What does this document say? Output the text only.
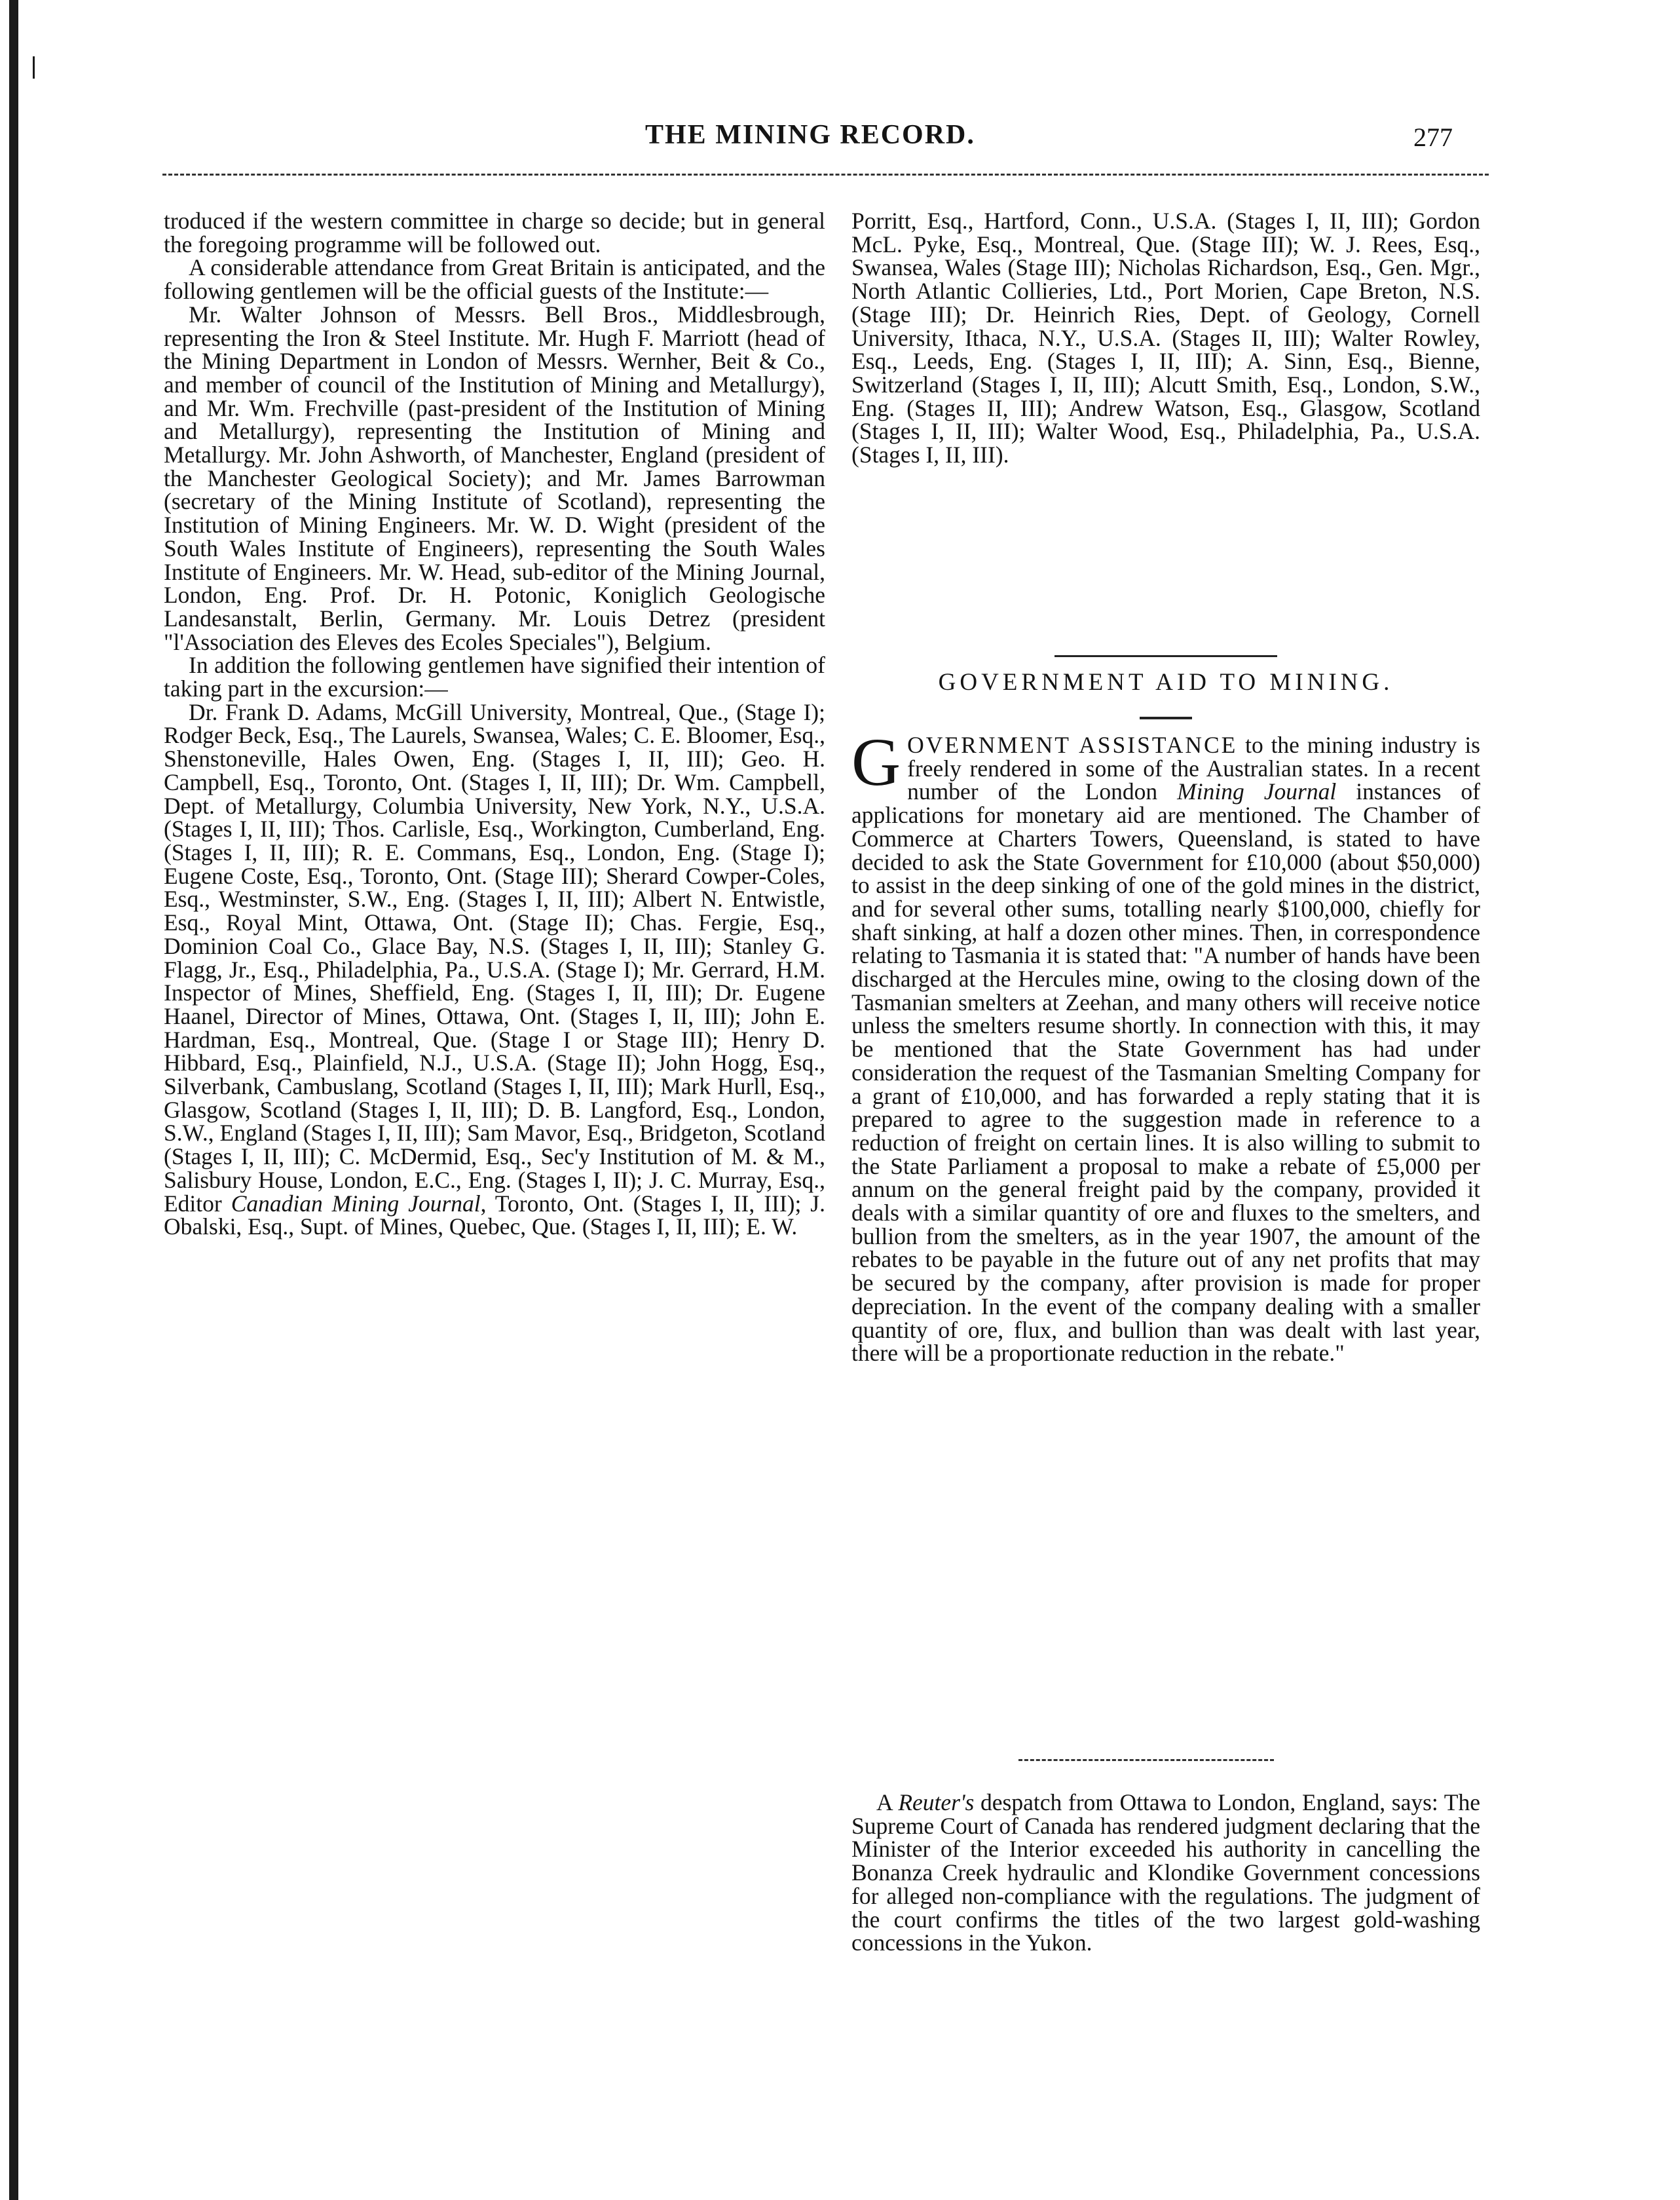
THE MINING RECORD.	277

troduced if the western committee in charge so decide; but in general the foregoing programme will be followed out.

A considerable attendance from Great Britain is anticipated, and the following gentlemen will be the official guests of the Institute:—

Mr. Walter Johnson of Messrs. Bell Bros., Middlesbrough, representing the Iron & Steel Institute. Mr. Hugh F. Marriott (head of the Mining Department in London of Messrs. Wernher, Beit & Co., and member of council of the Institution of Mining and Metallurgy), and Mr. Wm. Frechville (past-president of the Institution of Mining and Metallurgy), representing the Institution of Mining and Metallurgy. Mr. John Ashworth, of Manchester, England (president of the Manchester Geological Society); and Mr. James Barrowman (secretary of the Mining Institute of Scotland), representing the Institution of Mining Engineers. Mr. W. D. Wight (president of the South Wales Institute of Engineers), representing the South Wales Institute of Engineers. Mr. W. Head, sub-editor of the Mining Journal, London, Eng. Prof. Dr. H. Potonic, Koniglich Geologische Landesanstalt, Berlin, Germany. Mr. Louis Detrez (president "l'Association des Eleves des Ecoles Speciales"), Belgium.

In addition the following gentlemen have signified their intention of taking part in the excursion:—

Dr. Frank D. Adams, McGill University, Montreal, Que., (Stage I); Rodger Beck, Esq., The Laurels, Swansea, Wales; C. E. Bloomer, Esq., Shenstoneville, Hales Owen, Eng. (Stages I, II, III); Geo. H. Campbell, Esq., Toronto, Ont. (Stages I, II, III); Dr. Wm. Campbell, Dept. of Metallurgy, Columbia University, New York, N.Y., U.S.A. (Stages I, II, III); Thos. Carlisle, Esq., Workington, Cumberland, Eng. (Stages I, II, III); R. E. Commans, Esq., London, Eng. (Stage I); Eugene Coste, Esq., Toronto, Ont. (Stage III); Sherard Cowper-Coles, Esq., Westminster, S.W., Eng. (Stages I, II, III); Albert N. Entwistle, Esq., Royal Mint, Ottawa, Ont. (Stage II); Chas. Fergie, Esq., Dominion Coal Co., Glace Bay, N.S. (Stages I, II, III); Stanley G. Flagg, Jr., Esq., Philadelphia, Pa., U.S.A. (Stage I); Mr. Gerrard, H.M. Inspector of Mines, Sheffield, Eng. (Stages I, II, III); Dr. Eugene Haanel, Director of Mines, Ottawa, Ont. (Stages I, II, III); John E. Hardman, Esq., Montreal, Que. (Stage I or Stage III); Henry D. Hibbard, Esq., Plainfield, N.J., U.S.A. (Stage II); John Hogg, Esq., Silverbank, Cambuslang, Scotland (Stages I, II, III); Mark Hurll, Esq., Glasgow, Scotland (Stages I, II, III); D. B. Langford, Esq., London, S.W., England (Stages I, II, III); Sam Mavor, Esq., Bridgeton, Scotland (Stages I, II, III); C. McDermid, Esq., Sec'y Institution of M. & M., Salisbury House, London, E.C., Eng. (Stages I, II); J. C. Murray, Esq., Editor Canadian Mining Journal, Toronto, Ont. (Stages I, II, III); J. Obalski, Esq., Supt. of Mines, Quebec, Que. (Stages I, II, III); E. W.

Porritt, Esq., Hartford, Conn., U.S.A. (Stages I, II, III); Gordon McL. Pyke, Esq., Montreal, Que. (Stage III); W. J. Rees, Esq., Swansea, Wales (Stage III); Nicholas Richardson, Esq., Gen. Mgr., North Atlantic Collieries, Ltd., Port Morien, Cape Breton, N.S. (Stage III); Dr. Heinrich Ries, Dept. of Geology, Cornell University, Ithaca, N.Y., U.S.A. (Stages II, III); Walter Rowley, Esq., Leeds, Eng. (Stages I, II, III); A. Sinn, Esq., Bienne, Switzerland (Stages I, II, III); Alcutt Smith, Esq., London, S.W., Eng. (Stages II, III); Andrew Watson, Esq., Glasgow, Scotland (Stages I, II, III); Walter Wood, Esq., Philadelphia, Pa., U.S.A. (Stages I, II, III).

GOVERNMENT AID TO MINING.
GOVERNMENT ASSISTANCE to the mining industry is freely rendered in some of the Australian states. In a recent number of the London Mining Journal instances of applications for monetary aid are mentioned. The Chamber of Commerce at Charters Towers, Queensland, is stated to have decided to ask the State Government for £10,000 (about $50,000) to assist in the deep sinking of one of the gold mines in the district, and for several other sums, totalling nearly $100,000, chiefly for shaft sinking, at half a dozen other mines. Then, in correspondence relating to Tasmania it is stated that: "A number of hands have been discharged at the Hercules mine, owing to the closing down of the Tasmanian smelters at Zeehan, and many others will receive notice unless the smelters resume shortly. In connection with this, it may be mentioned that the State Government has had under consideration the request of the Tasmanian Smelting Company for a grant of £10,000, and has forwarded a reply stating that it is prepared to agree to the suggestion made in reference to a reduction of freight on certain lines. It is also willing to submit to the State Parliament a proposal to make a rebate of £5,000 per annum on the general freight paid by the company, provided it deals with a similar quantity of ore and fluxes to the smelters, and bullion from the smelters, as in the year 1907, the amount of the rebates to be payable in the future out of any net profits that may be secured by the company, after provision is made for proper depreciation. In the event of the company dealing with a smaller quantity of ore, flux, and bullion than was dealt with last year, there will be a proportionate reduction in the rebate."

A Reuter's despatch from Ottawa to London, England, says: The Supreme Court of Canada has rendered judgment declaring that the Minister of the Interior exceeded his authority in cancelling the Bonanza Creek hydraulic and Klondike Government concessions for alleged non-compliance with the regulations. The judgment of the court confirms the titles of the two largest gold-washing concessions in the Yukon.
